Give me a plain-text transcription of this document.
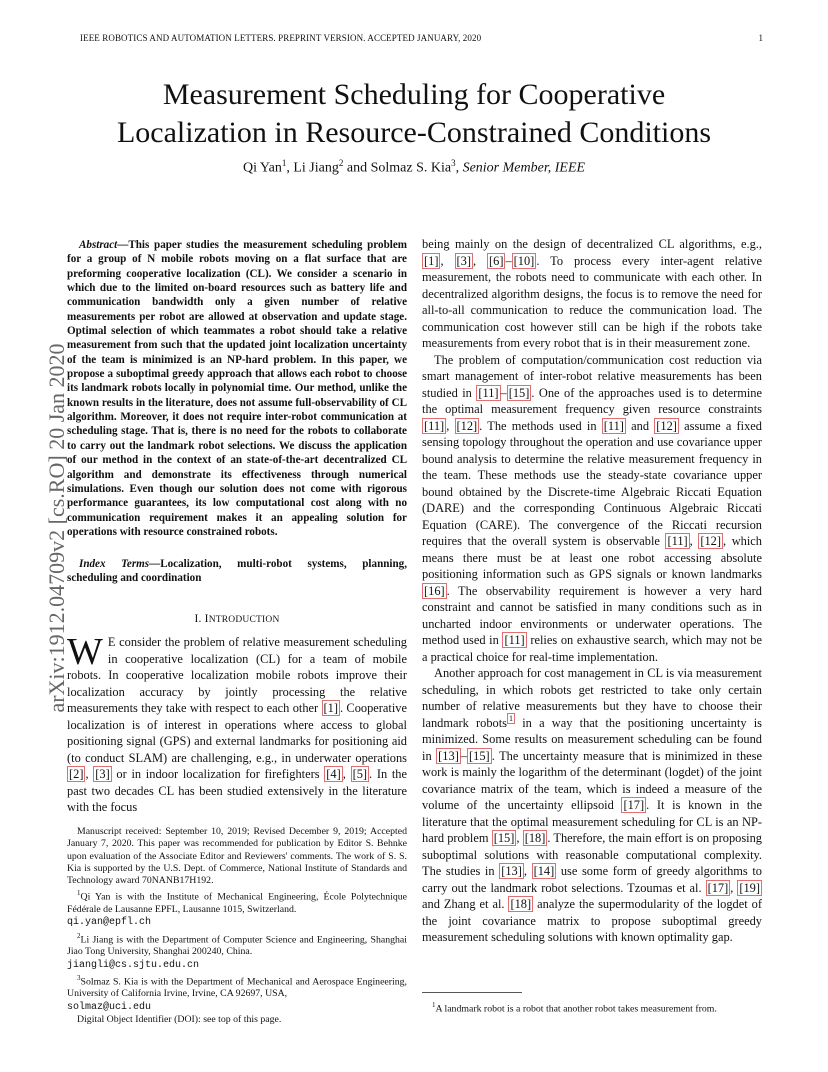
IEEE ROBOTICS AND AUTOMATION LETTERS. PREPRINT VERSION. ACCEPTED JANUARY, 2020	1
arXiv:1912.04709v2 [cs.RO] 20 Jan 2020
Measurement Scheduling for Cooperative
Localization in Resource-Constrained Conditions
Qi Yan$^1$, Li Jiang$^2$ and Solmaz S. Kia$^3$, Senior Member, IEEE

Abstract—This paper studies the measurement scheduling problem for a group of N mobile robots moving on a flat surface that are preforming cooperative localization (CL). We consider a scenario in which due to the limited on-board resources such as battery life and communication bandwidth only a given number of relative measurements per robot are allowed at observation and update stage. Optimal selection of which teammates a robot should take a relative measurement from such that the updated joint localization uncertainty of the team is minimized is an NP-hard problem. In this paper, we propose a suboptimal greedy approach that allows each robot to choose its landmark robots locally in polynomial time. Our method, unlike the known results in the literature, does not assume full-observability of CL algorithm. Moreover, it does not require inter-robot communication at scheduling stage. That is, there is no need for the robots to collaborate to carry out the landmark robot selections. We discuss the application of our method in the context of an state-of-the-art decentralized CL algorithm and demonstrate its effectiveness through numerical simulations. Even though our solution does not come with rigorous performance guarantees, its low computational cost along with no communication requirement makes it an appealing solution for operations with resource constrained robots.

Index Terms—Localization, multi-robot systems, planning, scheduling and coordination

I. INTRODUCTION

W E consider the problem of relative measurement scheduling in cooperative localization (CL) for a team of mobile robots. In cooperative localization mobile robots improve their localization accuracy by jointly processing the relative measurements they take with respect to each other [1] . Cooperative localization is of interest in operations where access to global positioning signal (GPS) and external landmarks for positioning aid (to conduct SLAM) are challenging, e.g., in underwater operations [2] , [3] or in indoor localization for firefighters [4] , [5] . In the past two decades CL has been studied extensively in the literature with the focus

Manuscript received: September 10, 2019; Revised December 9, 2019; Accepted January 7, 2020. This paper was recommended for publication by Editor S. Behnke upon evaluation of the Associate Editor and Reviewers' comments. The work of S. S. Kia is supported by the U.S. Dept. of Commerce, National Institute of Standards and Technology award 70NANB17H192.

$^1$Qi Yan is with the Institute of Mechanical Engineering, École Polytechnique Fédérale de Lausanne EPFL, Lausanne 1015, Switzerland.
qi.yan@epfl.ch

$^2$Li Jiang is with the Department of Computer Science and Engineering, Shanghai Jiao Tong University, Shanghai 200240, China.
jiangli@cs.sjtu.edu.cn

$^3$Solmaz S. Kia is with the Department of Mechanical and Aerospace Engineering, University of California Irvine, Irvine, CA 92697, USA,
solmaz@uci.edu

Digital Object Identifier (DOI): see top of this page.

being mainly on the design of decentralized CL algorithms, e.g., [1] , [3] , [6] – [10] . To process every inter-agent relative measurement, the robots need to communicate with each other. In decentralized algorithm designs, the focus is to remove the need for all-to-all communication to reduce the communication load. The communication cost however still can be high if the robots take measurements from every robot that is in their measurement zone.

The problem of computation/communication cost reduction via smart management of inter-robot relative measurements has been studied in [11] – [15] . One of the approaches used is to determine the optimal measurement frequency given resource constraints [11] , [12] . The methods used in [11] and [12] assume a fixed sensing topology throughout the operation and use covariance upper bound analysis to determine the relative measurement frequency in the team. These methods use the steady-state covariance upper bound obtained by the Discrete-time Algebraic Riccati Equation (DARE) and the corresponding Continuous Algebraic Riccati Equation (CARE). The convergence of the Riccati recursion requires that the overall system is observable [11] , [12] , which means there must be at least one robot accessing absolute positioning information such as GPS signals or known landmarks [16] . The observability requirement is however a very hard constraint and cannot be satisfied in many conditions such as in uncharted indoor environments or underwater operations. The method used in [11] relies on exhaustive search, which may not be a practical choice for real-time implementation.

Another approach for cost management in CL is via measurement scheduling, in which robots get restricted to take only certain number of relative measurements but they have to choose their landmark robots $^1$ in a way that the positioning uncertainty is minimized. Some results on measurement scheduling can be found in [13] – [15] . The uncertainty measure that is minimized in these work is mainly the logarithm of the determinant (logdet) of the joint covariance matrix of the team, which is indeed a measure of the volume of the uncertainty ellipsoid [17] . It is known in the literature that the optimal measurement scheduling for CL is an NP-hard problem [15] , [18] . Therefore, the main effort is on proposing suboptimal solutions with reasonable computational complexity. The studies in [13] , [14] use some form of greedy algorithms to carry out the landmark robot selections. Tzoumas et al. [17] , [19] and Zhang et al. [18] analyze the supermodularity of the logdet of the joint covariance matrix to propose suboptimal greedy measurement scheduling solutions with known optimality gap.

$^1$A landmark robot is a robot that another robot takes measurement from.
